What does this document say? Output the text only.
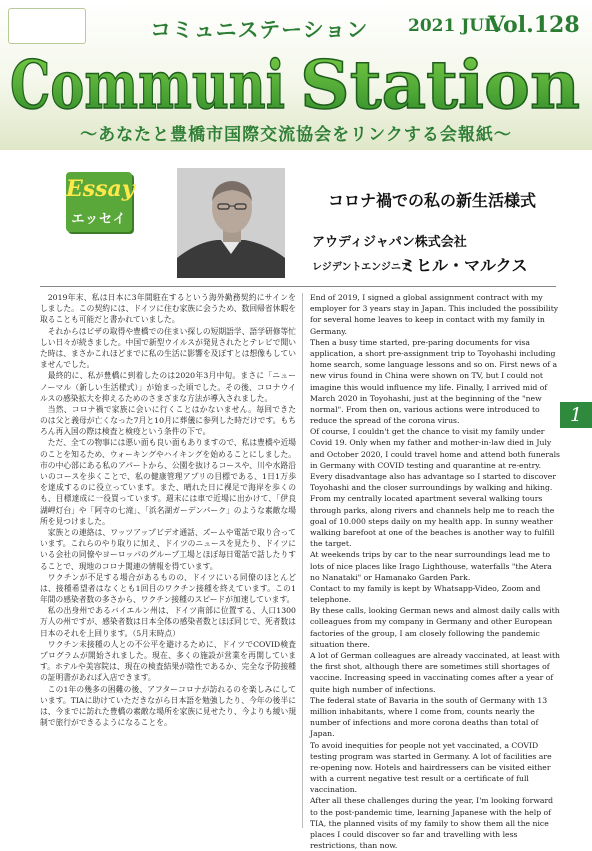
コミュニステーション 2021 JUL.
Vol.128
Communi Station
～あなたと豊橋市国際交流協会をリンクする会報紙～
Essay
エッセイ
コロナ禍での私の新生活様式
アウディジャパン株式会社
レジデントエンジニア
ミヒル・マルクス

2019年末、私は日本に3年間駐在するという海外勤務契約にサインをしました。この契約には、ドイツに住む家族に会うため、数回帰省休暇を取ることも可能だと書かれていました。

それからはビザの取得や豊橋での住まい探しの短期語学、語学研修等忙しい日々が続きました。中国で新型ウイルスが発見されたとテレビで聞いた時は、まさかこれほどまでに私の生活に影響を及ぼすとは想像もしていませんでした。

最終的に、私が豊橋に到着したのは2020年3月中旬。まさに「ニューノーマル（新しい生活様式）」が始まった頃でした。その後、コロナウイルスの感染拡大を抑えるためのさまざまな方法が導入されました。

当然、コロナ禍で家族に会いに行くことはかないません。毎回できたのは父と義母が亡くなった7月と10月に葬儀に参列した時だけです。もちろん再入国の際は検査と検疫という条件の下で。

ただ、全ての物事には悪い面も良い面もありますので、私は豊橋や近場のことを知るため、ウォーキングやハイキングを始めることにしました。市の中心部にある私のアパートから、公園を抜けるコースや、川や水路沿いのコースを歩くことで、私の健康管理アプリの目標である、1日1万歩を達成するのに役立っています。また、晴れた日に裸足で海岸を歩くのも、目標達成に一役買っています。週末には車で近場に出かけて、「伊良湖岬灯台」や「阿寺の七滝」、「浜名湖ガーデンパーク」のような素敵な場所を見つけました。

家族との連絡は、ワッツアップビデオ通話、ズームや電話で取り合っています。これらのやり取りに加え、ドイツのニュースを見たり、ドイツにいる会社の同僚やヨーロッパのグループ工場とほぼ毎日電話で話したりすることで、現地のコロナ関連の情報を得ています。

ワクチンが不足する場合があるものの、ドイツにいる同僚のほとんどは、接種希望者はなくとも1回目のワクチン接種を終えています。この1年間の感染者数の多さから、ワクチン接種のスピードが加速しています。

私の出身州であるバイエルン州は、ドイツ南部に位置する、人口1300万人の州ですが、感染者数は日本全体の感染者数とほぼ同じで、死者数は日本のそれを上回ります。（5月末時点）

ワクチン未接種の人との不公平を避けるために、ドイツでCOVID検査プログラムが開始されました。現在、多くの施設が営業を再開しています。ホテルや美容院は、現在の検査結果が陰性であるか、完全な予防接種の証明書があれば入店できます。

この1年の幾多の困難の後、アフターコロナが訪れるのを楽しみにしています。TIAに助けていただきながら日本語を勉強したり、今年の後半には、今までに訪れた豊橋の素敵な場所を家族に見せたり、今よりも緩い規制で旅行ができるようになることを。

End of 2019, I signed a global assignment contract with my employer for 3 years stay in Japan. This included the possibility for several home leaves to keep in contact with my family in Germany.

Then a busy time started, pre-paring documents for visa application, a short pre-assignment trip to Toyohashi including home search, some language lessons and so on. First news of a new virus found in China were shown on TV, but I could not imagine this would influence my life. Finally, I arrived mid of March 2020 in Toyohashi, just at the beginning of the "new normal". From then on, various actions were introduced to reduce the spread of the corona virus.

Of course, I couldn't get the chance to visit my family under Covid 19. Only when my father and mother-in-law died in July and October 2020, I could travel home and attend both funerals in Germany with COVID testing and quarantine at re-entry.

Every disadvantage also has advantage so I started to discover Toyohashi and the closer surroundings by walking and hiking. From my centrally located apartment several walking tours through parks, along rivers and channels help me to reach the goal of 10.000 steps daily on my health app. In sunny weather walking barefoot at one of the beaches is another way to fulfill the target.

At weekends trips by car to the near surroundings lead me to lots of nice places like Irago Lighthouse, waterfalls "the Atera no Nanataki" or Hamanako Garden Park.

Contact to my family is kept by Whatsapp-Video, Zoom and telephone.

By these calls, looking German news and almost daily calls with colleagues from my company in Germany and other European factories of the group, I am closely following the pandemic situation there.

A lot of German colleagues are already vaccinated, at least with the first shot, although there are sometimes still shortages of vaccine. Increasing speed in vaccinating comes after a year of quite high number of infections.

The federal state of Bavaria in the south of Germany with 13 million inhabitants, where I come from, counts nearly the number of infections and more corona deaths than total of Japan.

To avoid inequities for people not yet vaccinated, a COVID testing program was started in Germany. A lot of facilities are re-opening now. Hotels and hairdressers can be visited either with a current negative test result or a certificate of full vaccination.

After all these challenges during the year, I'm looking forward to the post-pandemic time, learning Japanese with the help of TIA, the planned visits of my family to show them all the nice places I could discover so far and travelling with less restrictions, than now.

1
